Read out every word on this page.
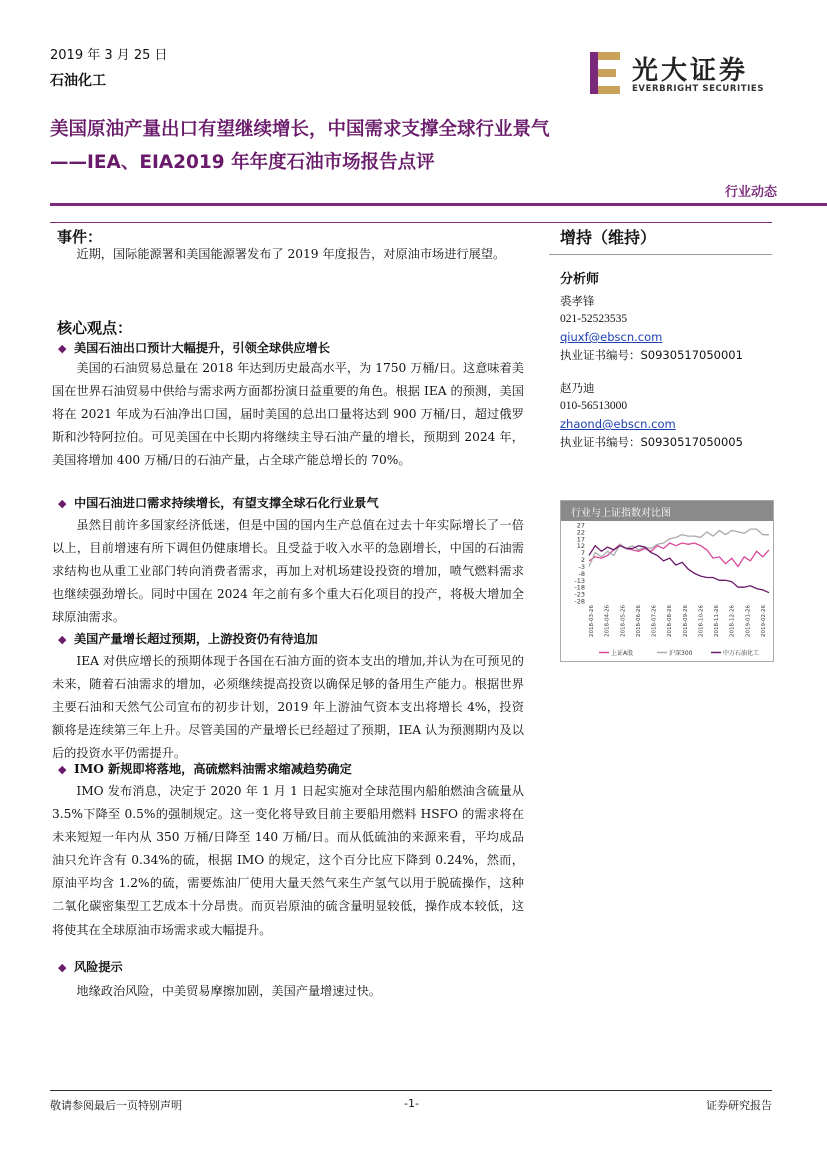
2019 年 3 月 25 日
石油化工	光大证券
EVERBRIGHT SECURITIES
美国原油产量出口有望继续增长，中国需求支撑全球行业景气
——IEA、EIA2019 年年度石油市场报告点评
行业动态
事件：
近期，国际能源署和美国能源署发布了 2019 年度报告，对原油市场进行展望。
核心观点：
◆ 美国石油出口预计大幅提升，引领全球供应增长
美国的石油贸易总量在 2018 年达到历史最高水平，为 1750 万桶/日。这意味着美国在世界石油贸易中供给与需求两方面都扮演日益重要的角色。根据 IEA 的预测，美国将在 2021 年成为石油净出口国，届时美国的总出口量将达到 900 万桶/日，超过俄罗斯和沙特阿拉伯。可见美国在中长期内将继续主导石油产量的增长，预期到 2024 年，美国将增加 400 万桶/日的石油产量，占全球产能总增长的 70%。
◆ 中国石油进口需求持续增长，有望支撑全球石化行业景气
虽然目前许多国家经济低迷，但是中国的国内生产总值在过去十年实际增长了一倍以上，目前增速有所下调但仍健康增长。且受益于收入水平的急剧增长，中国的石油需求结构也从重工业部门转向消费者需求，再加上对机场建设投资的增加，喷气燃料需求也继续强劲增长。同时中国在 2024 年之前有多个重大石化项目的投产，将极大增加全球原油需求。
◆ 美国产量增长超过预期，上游投资仍有待追加
IEA 对供应增长的预期体现于各国在石油方面的资本支出的增加,并认为在可预见的未来，随着石油需求的增加，必须继续提高投资以确保足够的备用生产能力。根据世界主要石油和天然气公司宣布的初步计划，2019 年上游油气资本支出将增长 4%，投资额将是连续第三年上升。尽管美国的产量增长已经超过了预期，IEA 认为预测期内及以后的投资水平仍需提升。
◆ IMO 新规即将落地，高硫燃料油需求缩减趋势确定
IMO 发布消息，决定于 2020 年 1 月 1 日起实施对全球范围内船舶燃油含硫量从 3.5%下降至 0.5%的强制规定。这一变化将导致目前主要船用燃料 HSFO 的需求将在未来短短一年内从 350 万桶/日降至 140 万桶/日。而从低硫油的来源来看，平均成品油只允许含有 0.34%的硫，根据 IMO 的规定，这个百分比应下降到 0.24%，然而，原油平均含 1.2%的硫，需要炼油厂使用大量天然气来生产氢气以用于脱硫操作，这种二氧化碳密集型工艺成本十分昂贵。而页岩原油的硫含量明显较低，操作成本较低，这将使其在全球原油市场需求或大幅提升。
◆ 风险提示
地缘政治风险，中美贸易摩擦加剧，美国产量增速过快。
增持（维持）
分析师
裘孝锋
021-52523535
qiuxf@ebscn.com
执业证书编号：S0930517050001
赵乃迪
010-56513000
zhaond@ebscn.com
执业证书编号：S0930517050005
行业与上证指数对比图
27
22
17
12
7
2
-3
-8
-13
-18
-23
-28
2018-03-26 2018-04-26 2018-05-26 2018-06-26 2018-07-26 2018-08-26 2018-09-26 2018-10-26 2018-11-26 2018-12-26 2019-01-26 2019-02-26
上证A股	沪深300	中万石油化工
敬请参阅最后一页特别声明	-1-	证券研究报告
